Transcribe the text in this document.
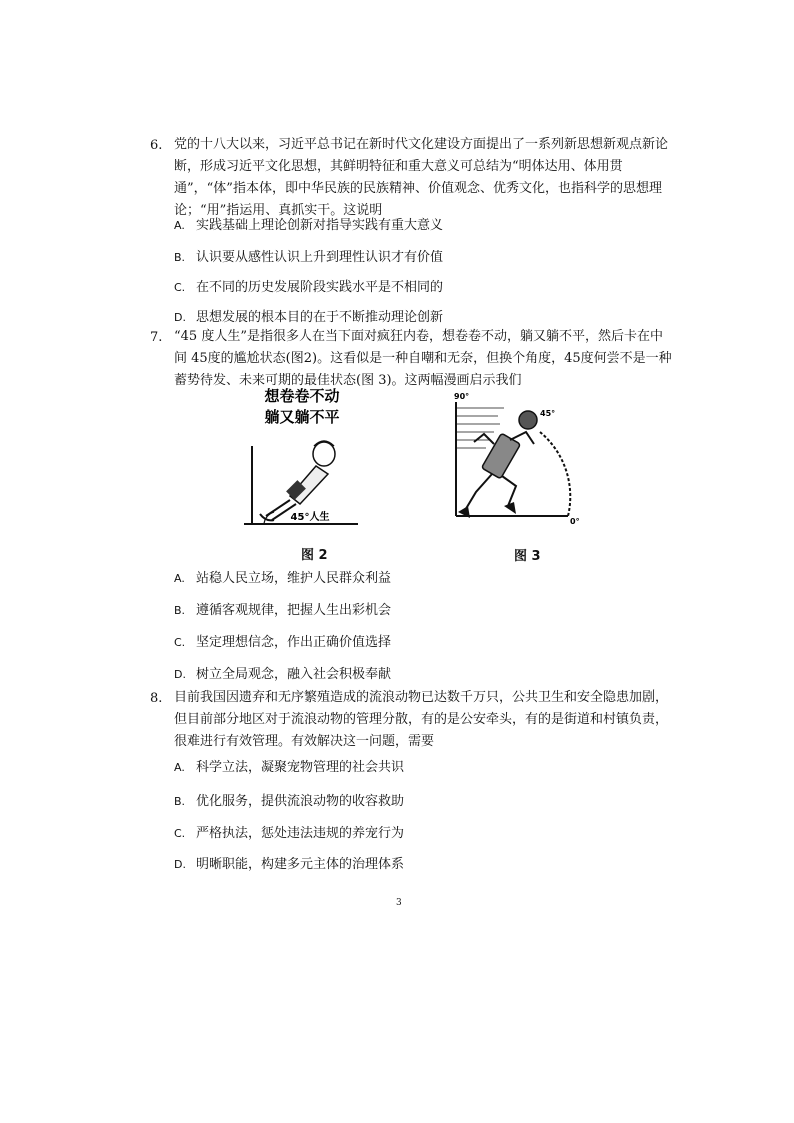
6. 党的十八大以来，习近平总书记在新时代文化建设方面提出了一系列新思想新观点新论断，形成习近平文化思想，其鲜明特征和重大意义可总结为“明体达用、体用贯通”，“体”指本体，即中华民族的民族精神、价值观念、优秀文化，也指科学的思想理论；“用”指运用、真抓实干。这说明
A. 实践基础上理论创新对指导实践有重大意义
B. 认识要从感性认识上升到理性认识才有价值
C. 在不同的历史发展阶段实践水平是不相同的
D. 思想发展的根本目的在于不断推动理论创新
7. “45 度人生”是指很多人在当下面对疯狂内卷，想卷卷不动，躺又躺不平，然后卡在中间 45度的尴尬状态(图2)。这看似是一种自嘲和无奈，但换个角度，45度何尝不是一种蓄势待发、未来可期的最佳状态(图 3)。这两幅漫画启示我们
想卷卷不动
躺又躺不平
45°人生
图 2
90°
45°
0°
图 3
A. 站稳人民立场，维护人民群众利益
B. 遵循客观规律，把握人生出彩机会
C. 坚定理想信念，作出正确价值选择
D. 树立全局观念，融入社会积极奉献
8. 目前我国因遗弃和无序繁殖造成的流浪动物已达数千万只，公共卫生和安全隐患加剧，但目前部分地区对于流浪动物的管理分散，有的是公安牵头，有的是街道和村镇负责，很难进行有效管理。有效解决这一问题，需要
A. 科学立法，凝聚宠物管理的社会共识
B. 优化服务，提供流浪动物的收容救助
C. 严格执法，惩处违法违规的养宠行为
D. 明晰职能，构建多元主体的治理体系
3
